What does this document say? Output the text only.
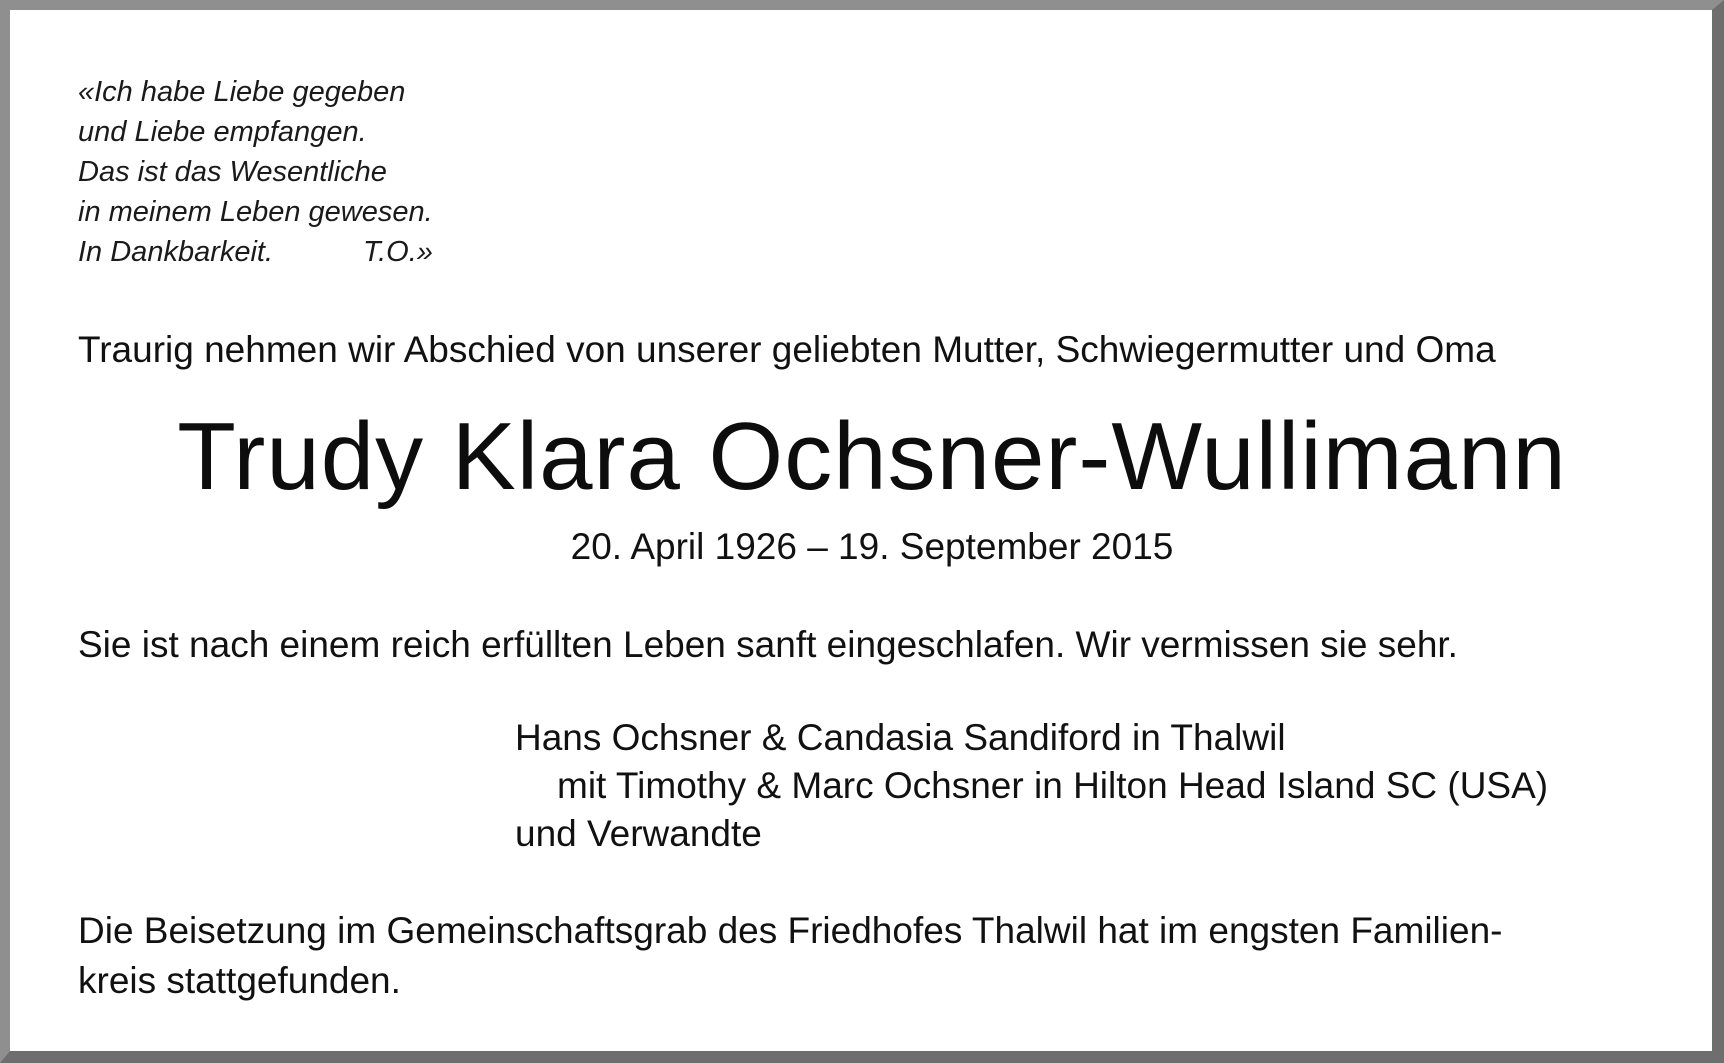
«Ich habe Liebe gegeben
und Liebe empfangen.
Das ist das Wesentliche
in meinem Leben gewesen.
In Dankbarkeit.	T.O.»
Traurig nehmen wir Abschied von unserer geliebten Mutter, Schwiegermutter und Oma
Trudy Klara Ochsner-Wullimann
20. April 1926 – 19. September 2015
Sie ist nach einem reich erfüllten Leben sanft eingeschlafen. Wir vermissen sie sehr.
Hans Ochsner & Candasia Sandiford in Thalwil
mit Timothy & Marc Ochsner in Hilton Head Island SC (USA)
und Verwandte
Die Beisetzung im Gemeinschaftsgrab des Friedhofes Thalwil hat im engsten Familien-
kreis stattgefunden.
